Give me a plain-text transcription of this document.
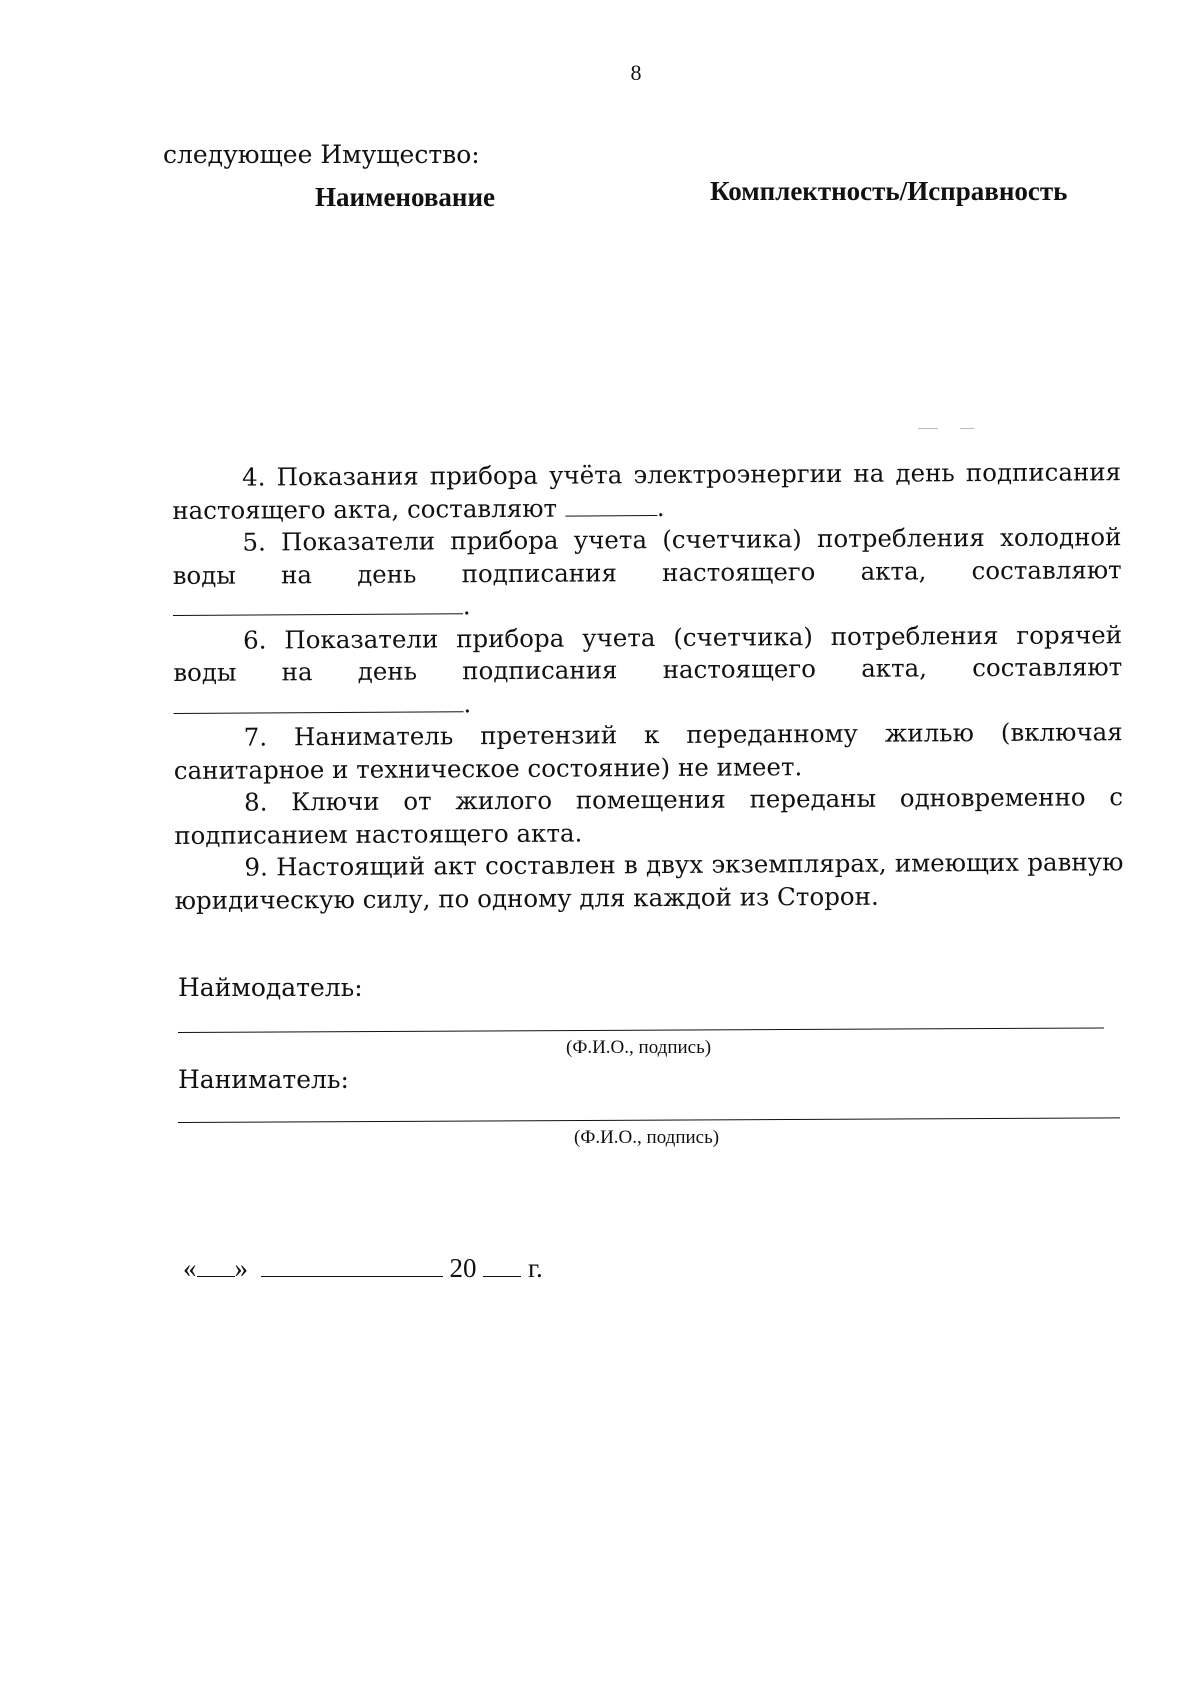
8
следующее Имущество:
Наименование	Комплектность/Исправность

4. Показания прибора учёта электроэнергии на день подписания настоящего акта, составляют	.

5. Показатели прибора учета (счетчика) потребления холодной воды на день подписания настоящего акта, составляют .

6. Показатели прибора учета (счетчика) потребления горячей воды на день подписания настоящего акта, составляют .

7. Наниматель претензий к переданному жилью (включая санитарное и техническое состояние) не имеет.

8. Ключи от жилого помещения переданы одновременно с подписанием настоящего акта.

9. Настоящий акт составлен в двух экземплярах, имеющих равную юридическую силу, по одному для каждой из Сторон.

Наймодатель:
(Ф.И.О., подпись)
Наниматель:
(Ф.И.О., подпись)
« »	20 г.
